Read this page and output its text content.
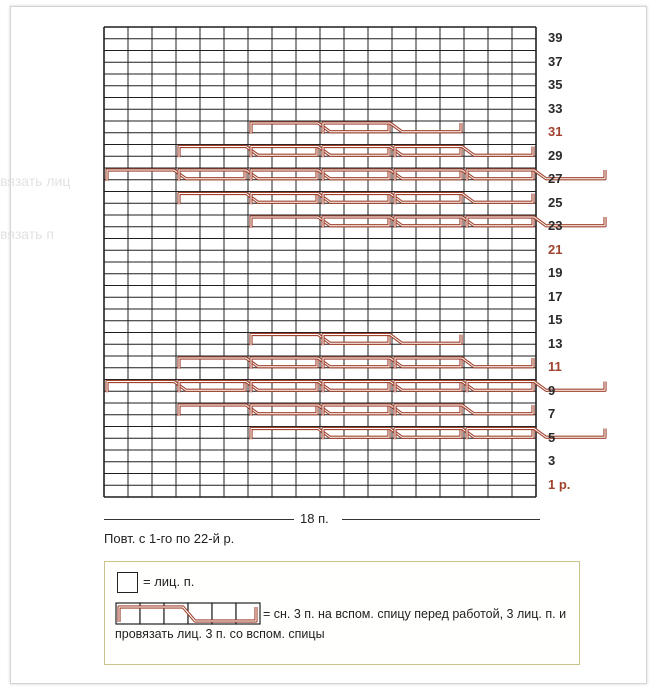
вязать лиц
вязать п
39
37
35
33
31
29
27
25
23
21
19
17
15
13
11
9
7
5
3
1 р.
18 п.
Повт. с 1-го по 22-й р.
= лиц. п.
= сн. 3 п. на вспом. спицу перед работой, 3 лиц. п. и провязать лиц. 3 п. со вспом. спицы
